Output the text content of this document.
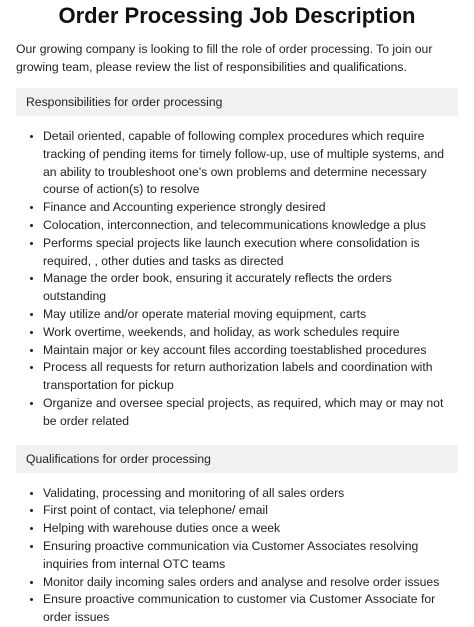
Order Processing Job Description

Our growing company is looking to fill the role of order processing. To join our growing team, please review the list of responsibilities and qualifications.

Responsibilities for order processing
• Detail oriented, capable of following complex procedures which require tracking of pending items for timely follow-up, use of multiple systems, and an ability to troubleshoot one's own problems and determine necessary course of action(s) to resolve
• Finance and Accounting experience strongly desired
• Colocation, interconnection, and telecommunications knowledge a plus
• Performs special projects like launch execution where consolidation is required, , other duties and tasks as directed
• Manage the order book, ensuring it accurately reflects the orders outstanding
• May utilize and/or operate material moving equipment, carts
• Work overtime, weekends, and holiday, as work schedules require
• Maintain major or key account files according toestablished procedures
• Process all requests for return authorization labels and coordination with transportation for pickup
• Organize and oversee special projects, as required, which may or may not be order related
Qualifications for order processing
• Validating, processing and monitoring of all sales orders
• First point of contact, via telephone/ email
• Helping with warehouse duties once a week
• Ensuring proactive communication via Customer Associates resolving inquiries from internal OTC teams
• Monitor daily incoming sales orders and analyse and resolve order issues
• Ensure proactive communication to customer via Customer Associate for order issues
